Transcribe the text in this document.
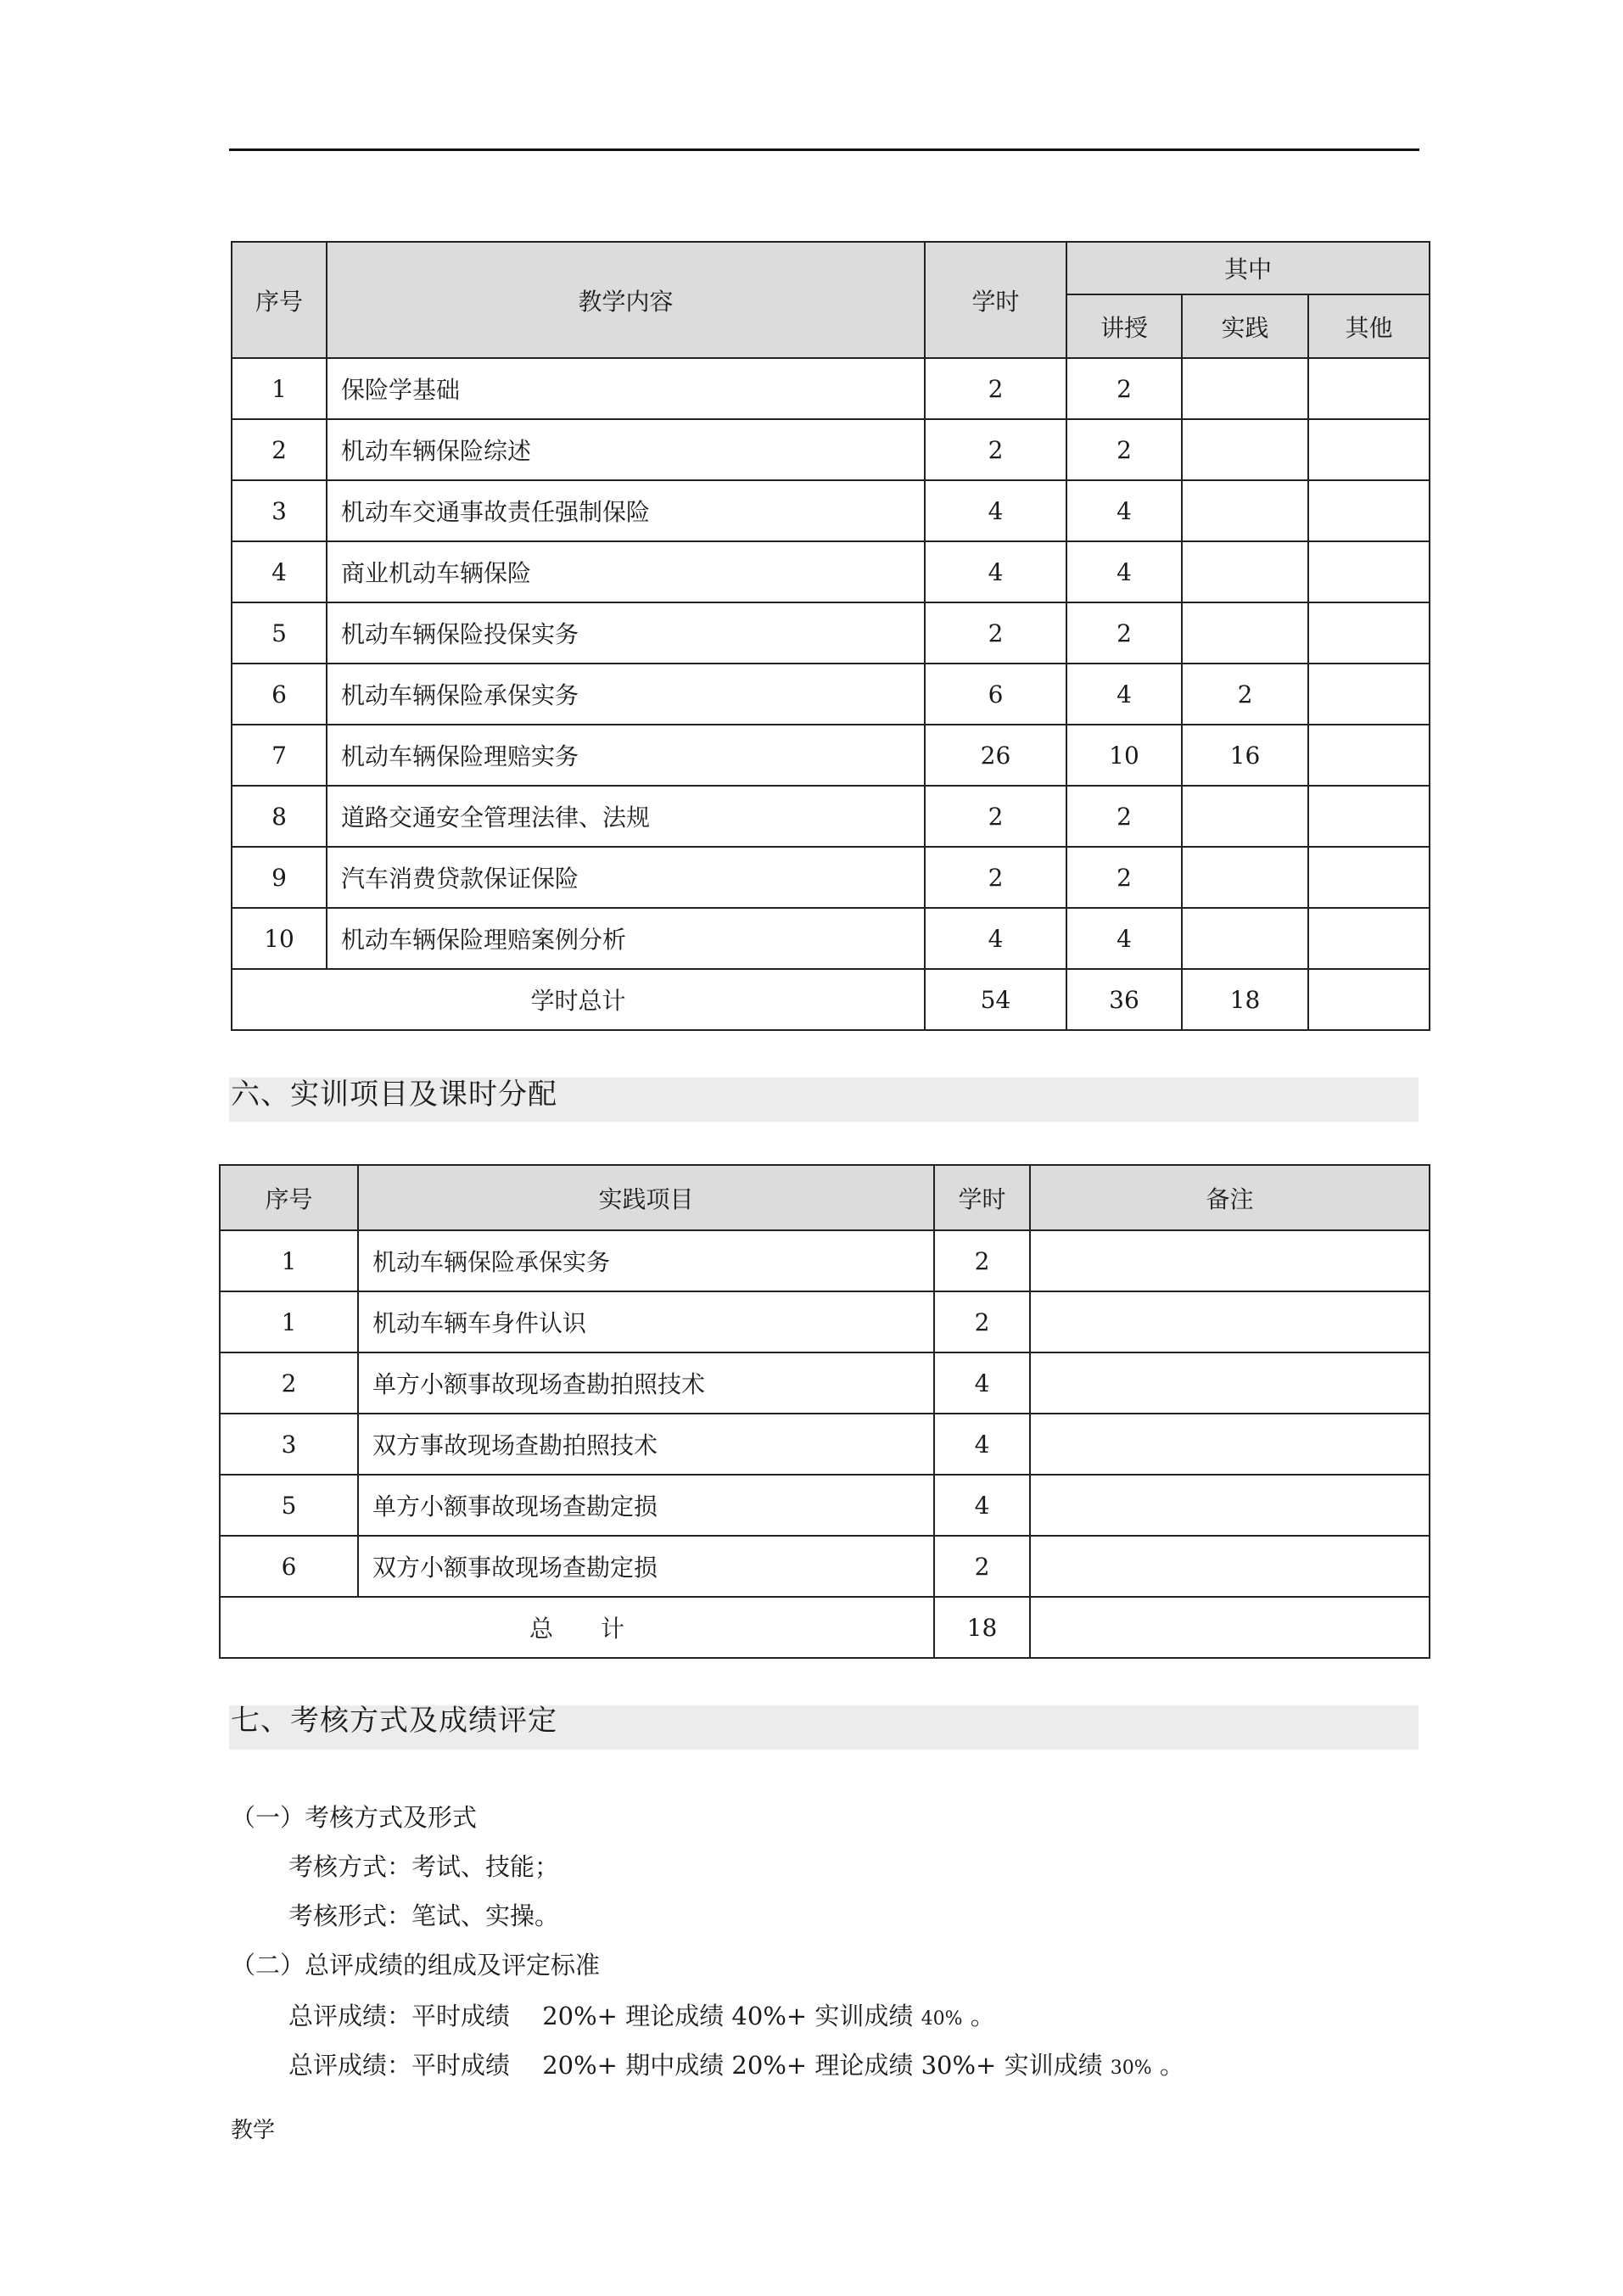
序号	教学内容	学时	其中		
			讲授	实践	其他
1	保险学基础	2	2		
2	机动车辆保险综述	2	2		
3	机动车交通事故责任强制保险	4	4		
4	商业机动车辆保险	4	4		
5	机动车辆保险投保实务	2	2		
6	机动车辆保险承保实务	6	4	2	
7	机动车辆保险理赔实务	26	10	16	
8	道路交通安全管理法律、法规	2	2		
9	汽车消费贷款保证保险	2	2		
10	机动车辆保险理赔案例分析	4	4		
学时总计		54	36	18	
六、实训项目及课时分配
序号	实践项目	学时	备注
1	机动车辆保险承保实务	2	
1	机动车辆车身件认识	2	
2	单方小额事故现场查勘拍照技术	4	
3	双方事故现场查勘拍照技术	4	
5	单方小额事故现场查勘定损	4	
6	双方小额事故现场查勘定损	2	
总　　计		18	
七、考核方式及成绩评定
（一）考核方式及形式
考核方式：考试、技能；
考核形式：笔试、实操。
（二）总评成绩的组成及评定标准
总评成绩：平时成绩　 20%+ 理论成绩 40%+ 实训成绩 40% 。
总评成绩：平时成绩　 20%+ 期中成绩 20%+ 理论成绩 30%+ 实训成绩 30% 。
教学
